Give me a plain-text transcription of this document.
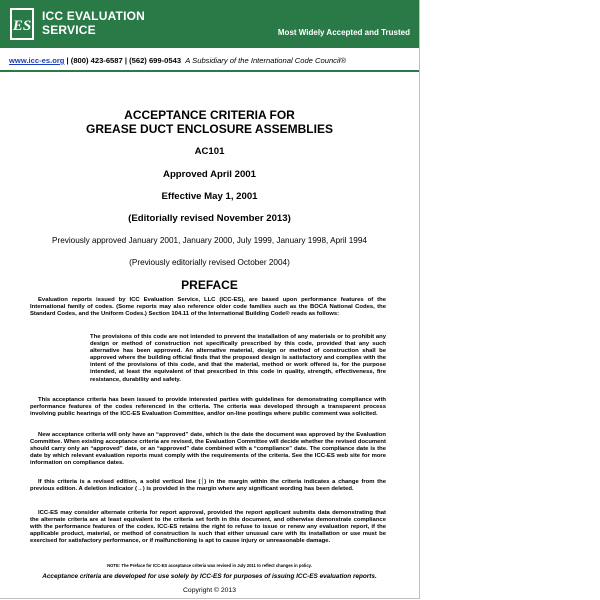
ES
ICC EVALUATION
SERVICE	Most Widely Accepted and Trusted
www.icc-es.org | (800) 423-6587 | (562) 699-0543 A Subsidiary of the International Code Council®
ACCEPTANCE CRITERIA FOR
GREASE DUCT ENCLOSURE ASSEMBLIES
AC101
Approved April 2001
Effective May 1, 2001
(Editorially revised November 2013)
Previously approved January 2001, January 2000, July 1999, January 1998, April 1994
(Previously editorially revised October 2004)
PREFACE
Evaluation reports issued by ICC Evaluation Service, LLC (ICC-ES), are based upon performance features of the International family of codes. (Some reports may also reference older code families such as the BOCA National Codes, the Standard Codes, and the Uniform Codes.) Section 104.11 of the International Building Code® reads as follows:
The provisions of this code are not intended to prevent the installation of any materials or to prohibit any design or method of construction not specifically prescribed by this code, provided that any such alternative has been approved. An alternative material, design or method of construction shall be approved where the building official finds that the proposed design is satisfactory and complies with the intent of the provisions of this code, and that the material, method or work offered is, for the purpose intended, at least the equivalent of that prescribed in this code in quality, strength, effectiveness, fire resistance, durability and safety.
This acceptance criteria has been issued to provide interested parties with guidelines for demonstrating compliance with performance features of the codes referenced in the criteria. The criteria was developed through a transparent process involving public hearings of the ICC-ES Evaluation Committee, and/or on-line postings where public comment was solicited.
New acceptance criteria will only have an “approved” date, which is the date the document was approved by the Evaluation Committee. When existing acceptance criteria are revised, the Evaluation Committee will decide whether the revised document should carry only an “approved” date, or an “approved” date combined with a “compliance” date. The compliance date is the date by which relevant evaluation reports must comply with the requirements of the criteria. See the ICC-ES web site for more information on compliance dates.
If this criteria is a revised edition, a solid vertical line (│) in the margin within the criteria indicates a change from the previous edition. A deletion indicator (→) is provided in the margin where any significant wording has been deleted.
ICC-ES may consider alternate criteria for report approval, provided the report applicant submits data demonstrating that the alternate criteria are at least equivalent to the criteria set forth in this document, and otherwise demonstrate compliance with the performance features of the codes. ICC-ES retains the right to refuse to issue or renew any evaluation report, if the applicable product, material, or method of construction is such that either unusual care with its installation or use must be exercised for satisfactory performance, or if malfunctioning is apt to cause injury or unreasonable damage.
NOTE: The Preface for ICC-ES acceptance criteria was revised in July 2011 to reflect changes in policy.
Acceptance criteria are developed for use solely by ICC-ES for purposes of issuing ICC-ES evaluation reports.
Copyright © 2013
